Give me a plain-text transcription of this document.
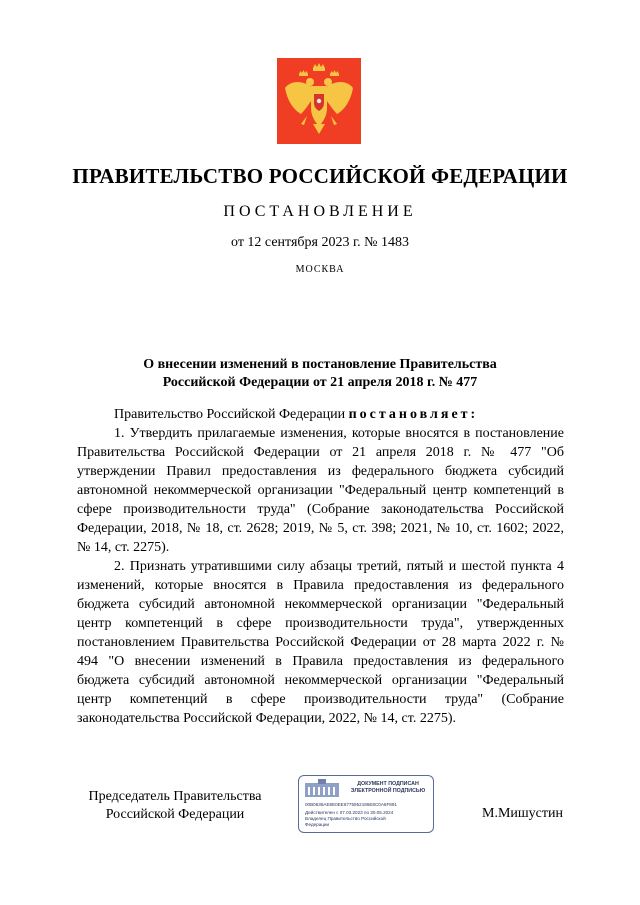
ПРАВИТЕЛЬСТВО РОССИЙСКОЙ ФЕДЕРАЦИИ
ПОСТАНОВЛЕНИЕ
от 12 сентября 2023 г. № 1483
МОСКВА
О внесении изменений в постановление Правительства
Российской Федерации от 21 апреля 2018 г. № 477

Правительство Российской Федерации постановляет:

1. Утвердить прилагаемые изменения, которые вносятся в постановление Правительства Российской Федерации от 21 апреля 2018 г. № 477 "Об утверждении Правил предоставления из федерального бюджета субсидий автономной некоммерческой организации "Федеральный центр компетенций в сфере производительности труда" (Собрание законодательства Российской Федерации, 2018, № 18, ст. 2628; 2019, № 5, ст. 398; 2021, № 10, ст. 1602; 2022, № 14, ст. 2275).

2. Признать утратившими силу абзацы третий, пятый и шестой пункта 4 изменений, которые вносятся в Правила предоставления из федерального бюджета субсидий автономной некоммерческой организации "Федеральный центр компетенций в сфере производительности труда", утвержденных постановлением Правительства Российской Федерации от 28 марта 2022 г. № 494 "О внесении изменений в Правила предоставления из федерального бюджета субсидий автономной некоммерческой организации "Федеральный центр компетенций в сфере производительности труда" (Собрание законодательства Российской Федерации, 2022, № 14, ст. 2275).

Председатель Правительства
Российской Федерации
ДОКУМЕНТ ПОДПИСАН
ЭЛЕКТРОННОЙ ПОДПИСЬЮ
00B0638AE8E0EE6775952186E8C0A6F891
Действителен с 07.03.2023 по 30.05.2024
Владелец Правительство Российской
Федерации
М.Мишустин
